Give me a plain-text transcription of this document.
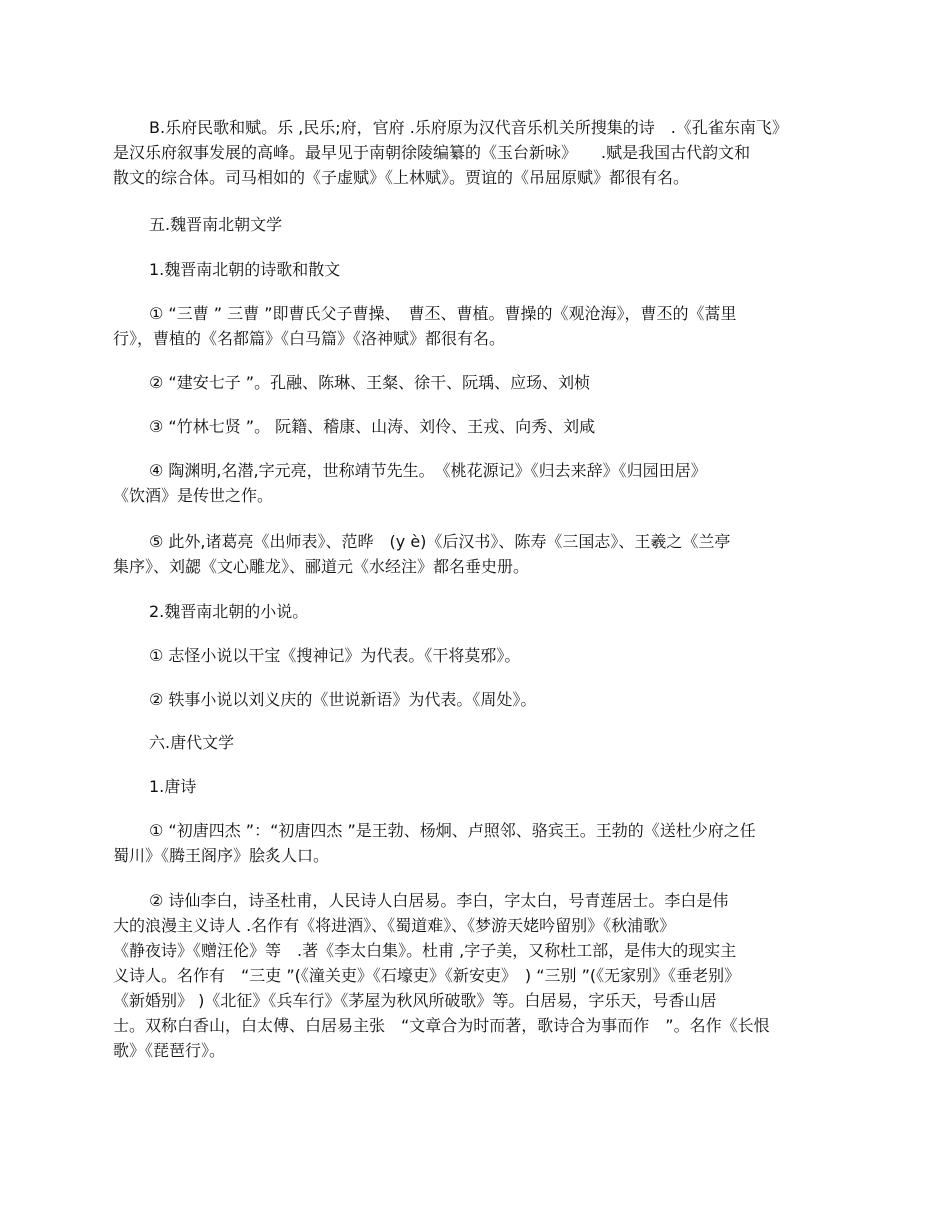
B.乐府民歌和赋。乐 ,民乐;府，官府 .乐府原为汉代音乐机关所搜集的诗　.《孔雀东南飞》
是汉乐府叙事发展的高峰。最早见于南朝徐陵编纂的《玉台新咏》　　.赋是我国古代韵文和
散文的综合体。司马相如的《子虚赋》《上林赋》。贾谊的《吊屈原赋》都很有名。
五.魏晋南北朝文学
1.魏晋南北朝的诗歌和散文
① “三曹 ” 三曹 ”即曹氏父子曹操、　曹丕、曹植。曹操的《观沧海》，曹丕的《蒿里
行》，曹植的《名都篇》《白马篇》《洛神赋》都很有名。
② “建安七子 ”。孔融、陈琳、王粲、徐干、阮瑀、应玚、刘桢
③ “竹林七贤 ”。 阮籍、稽康、山涛、刘伶、王戎、向秀、刘咸
④ 陶渊明,名潜,字元亮，世称靖节先生。　《桃花源记》《归去来辞》《归园田居》
《饮酒》是传世之作。
⑤ 此外,诸葛亮《出师表》、范晔　(y è)《后汉书》、陈寿《三国志》、王羲之《兰亭
集序》、刘勰《文心雕龙》、郦道元《水经注》都名垂史册。
2.魏晋南北朝的小说。
① 志怪小说以干宝《搜神记》为代表。《干将莫邪》。
② 轶事小说以刘义庆的《世说新语》为代表。《周处》。
六.唐代文学
1.唐诗
① “初唐四杰 ”：“初唐四杰 ”是王勃、杨炯、卢照邻、骆宾王。王勃的《送杜少府之任
蜀川》《腾王阁序》脍炙人口。
② 诗仙李白，诗圣杜甫，人民诗人白居易。李白，字太白，号青莲居士。李白是伟
大的浪漫主义诗人 .名作有《将进酒》、《蜀道难》、《梦游天姥吟留别》《秋浦歌》
《静夜诗》《赠汪伦》等　.著《李太白集》。杜甫 ,字子美，又称杜工部，是伟大的现实主
义诗人。名作有　“三吏 ”(《潼关吏》《石壕吏》《新安吏》　) “三别 ”(《无家别》《垂老别》
《新婚别》 )《北征》《兵车行》《茅屋为秋风所破歌》等。白居易，字乐天，号香山居
士。双称白香山，白太傅、白居易主张　“文章合为时而著，歌诗合为事而作　”。名作《长恨
歌》《琵琶行》。
